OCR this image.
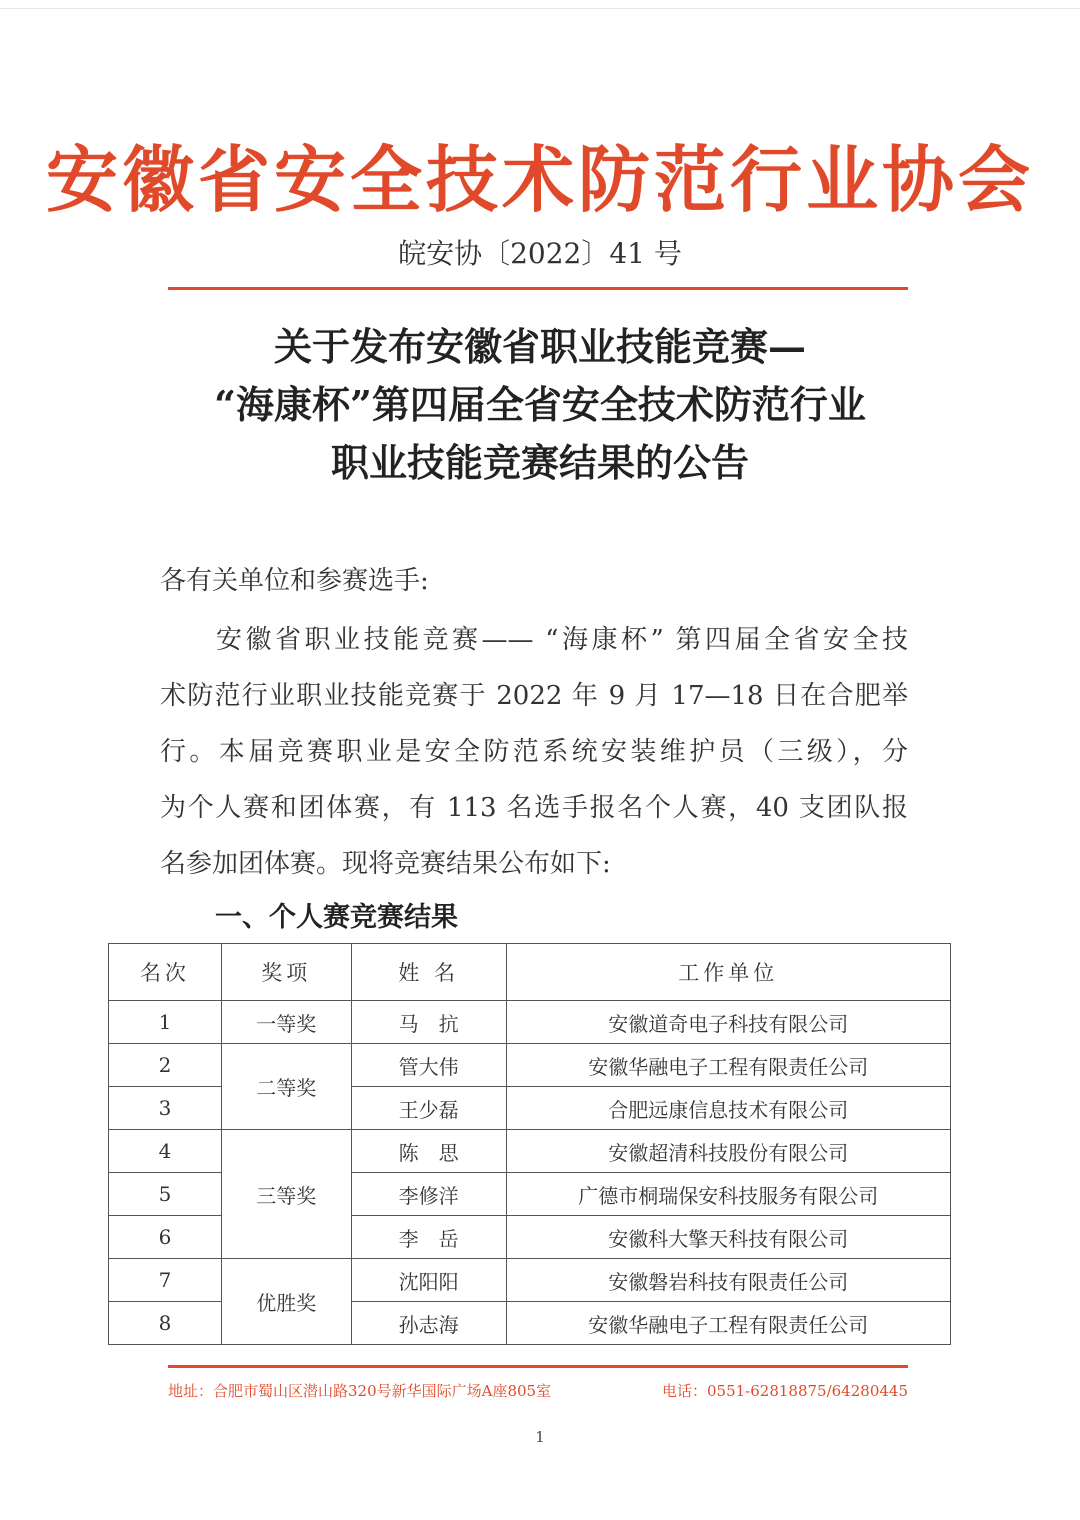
安徽省安全技术防范行业协会
皖安协〔2022〕41 号
关于发布安徽省职业技能竞赛—
“海康杯”第四届全省安全技术防范行业
职业技能竞赛结果的公告
各有关单位和参赛选手:
安徽省职业技能竞赛—— “海康杯” 第四届全省安全技
术防范行业职业技能竞赛于 2022 年 9 月 17—18 日在合肥举
行。本届竞赛职业是安全防范系统安装维护员（三级），分
为个人赛和团体赛，有 113 名选手报名个人赛，40 支团队报
名参加团体赛。现将竞赛结果公布如下:
一、个人赛竞赛结果
名次	奖项	姓 名	工作单位
1	一等奖	马　抗	安徽道奇电子科技有限公司
2	二等奖	管大伟	安徽华融电子工程有限责任公司
3		王少磊	合肥远康信息技术有限公司
4	三等奖	陈　思	安徽超清科技股份有限公司
5		李修洋	广德市桐瑞保安科技服务有限公司
6		李　岳	安徽科大擎天科技有限公司
7	优胜奖	沈阳阳	安徽磐岩科技有限责任公司
8		孙志海	安徽华融电子工程有限责任公司
地址：合肥市蜀山区潜山路320号新华国际广场A座805室	电话：0551-62818875/64280445
1
